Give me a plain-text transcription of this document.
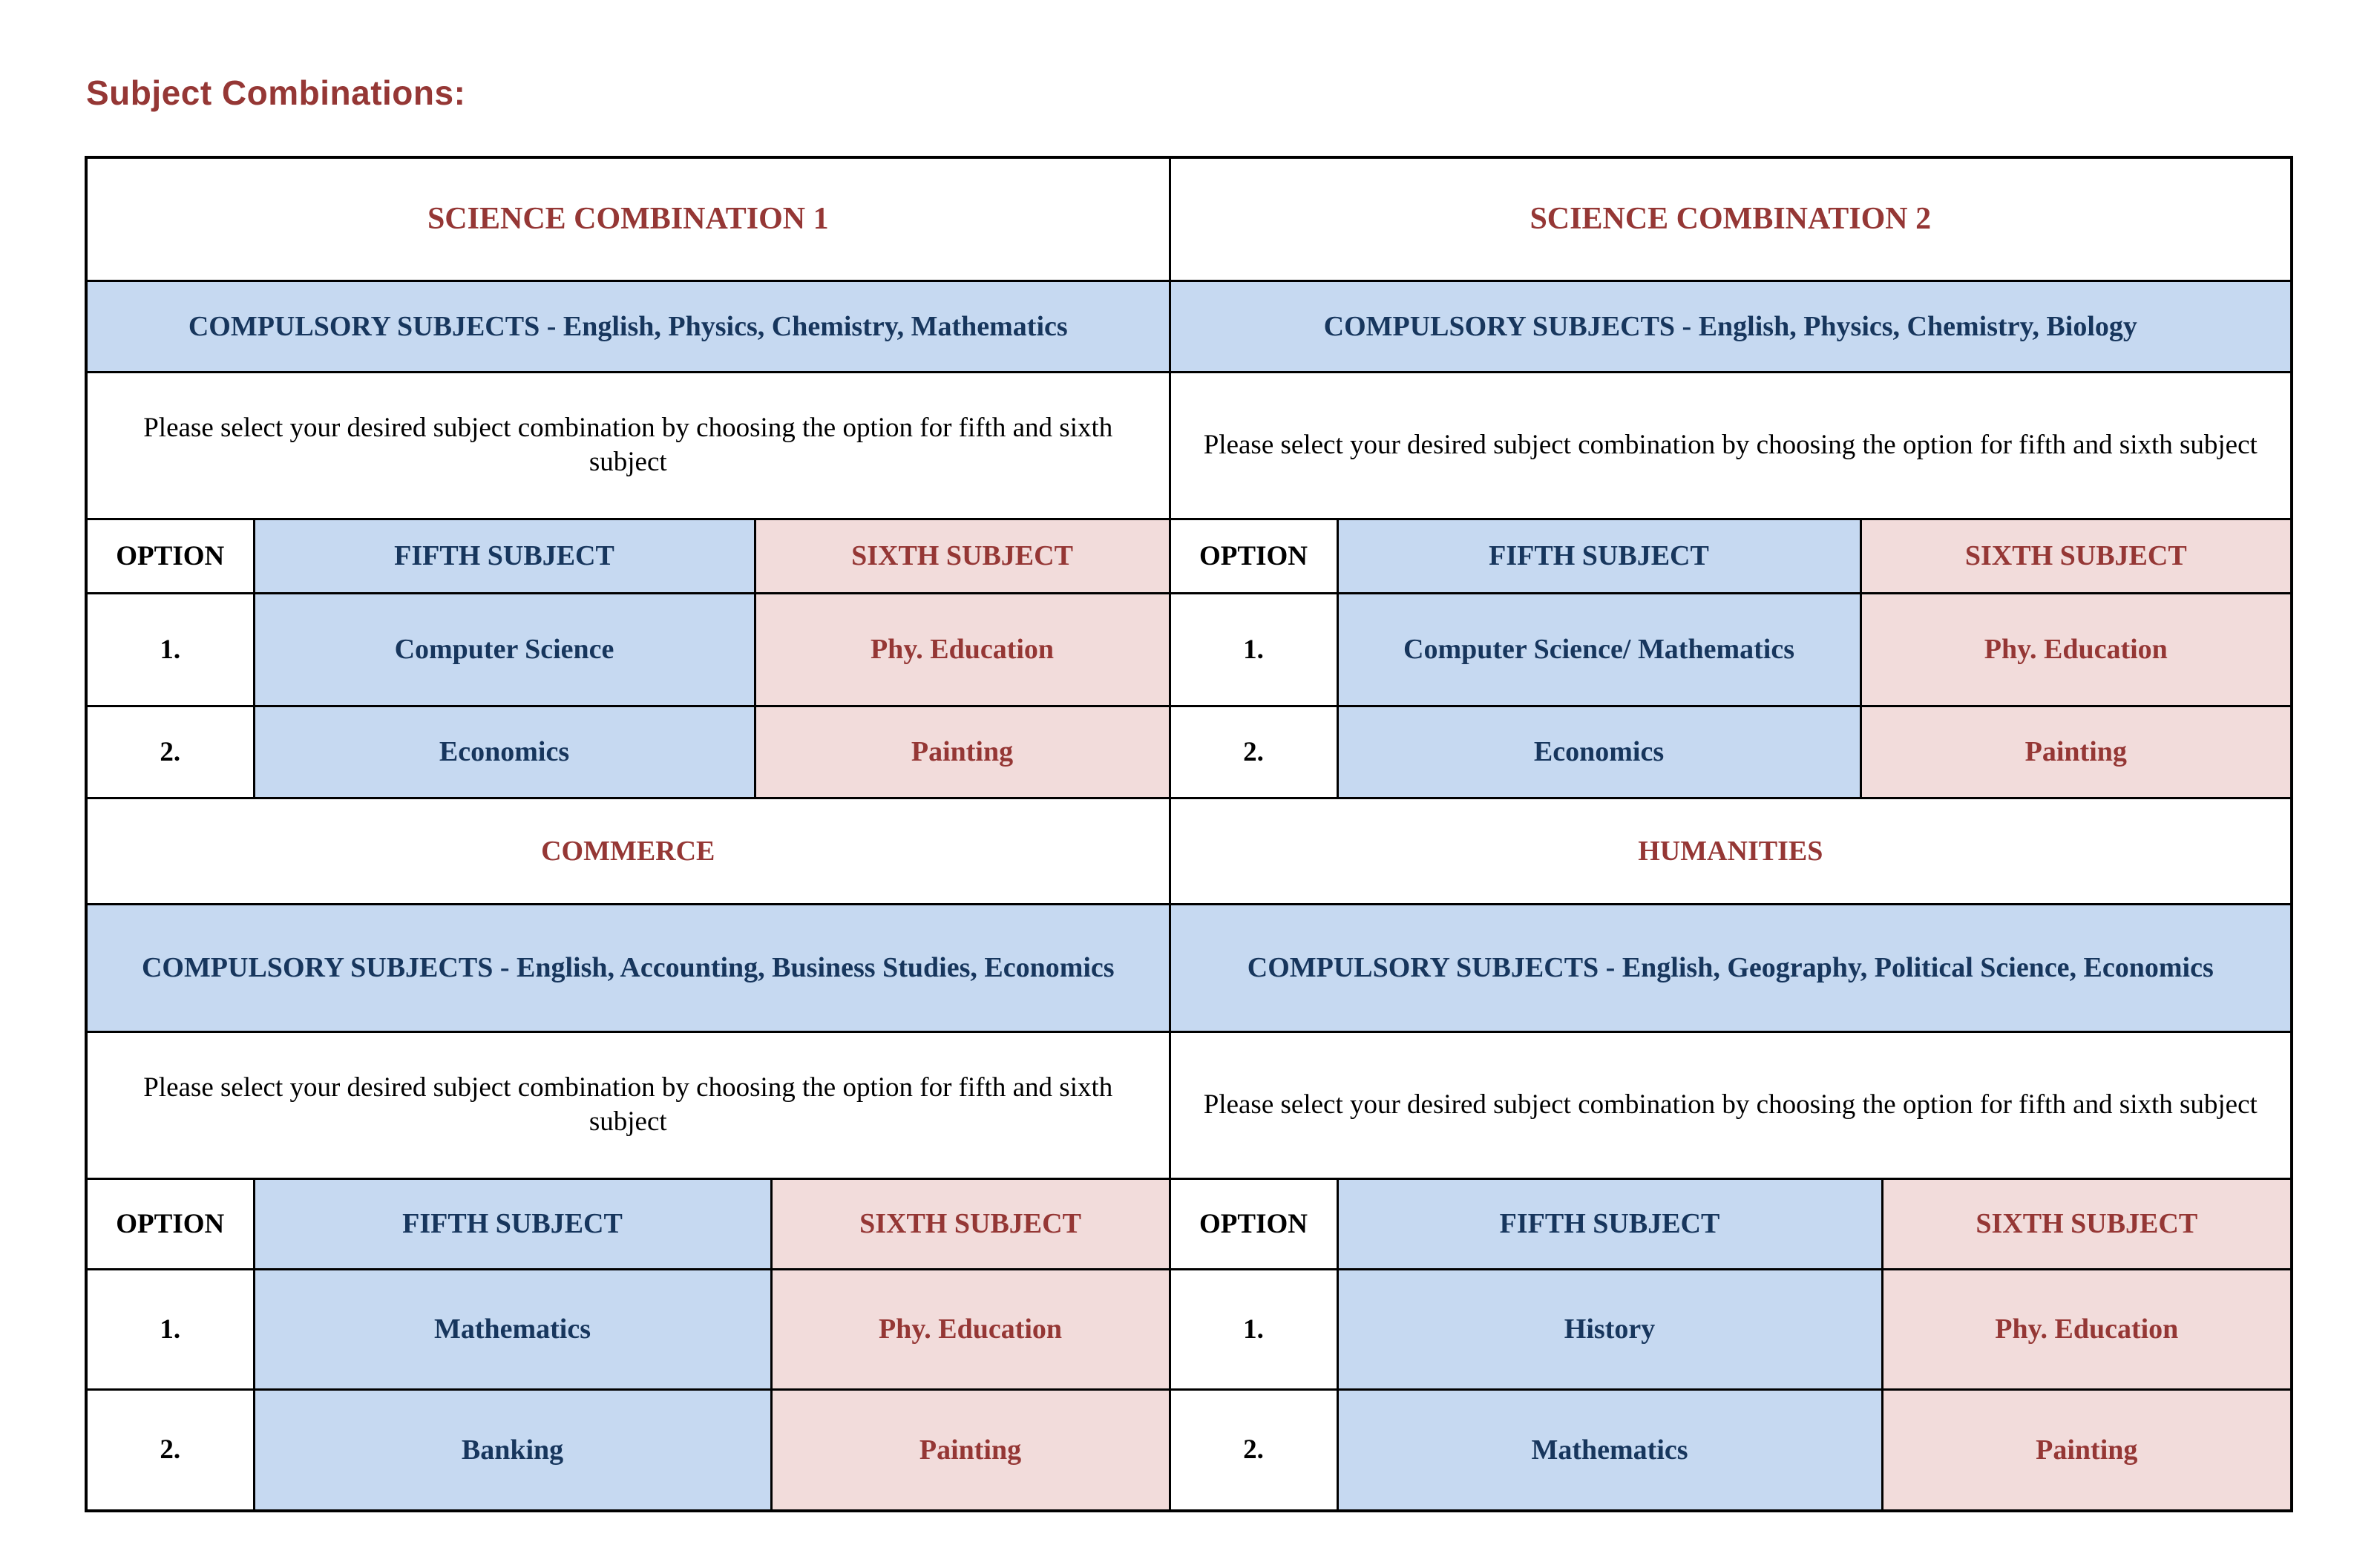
Subject Combinations:
SCIENCE COMBINATION 1				SCIENCE COMBINATION 2			
COMPULSORY SUBJECTS - English, Physics, Chemistry, Mathematics				COMPULSORY SUBJECTS - English, Physics, Chemistry, Biology			
Please select your desired subject combination by choosing the option for fifth and sixth subject				Please select your desired subject combination by choosing the option for fifth and sixth subject			
OPTION	FIFTH SUBJECT	SIXTH SUBJECT		OPTION	FIFTH SUBJECT	SIXTH SUBJECT	
1.	Computer Science	Phy. Education		1.	Computer Science/ Mathematics	Phy. Education	
2.	Economics	Painting		2.	Economics	Painting	
COMMERCE				HUMANITIES			
COMPULSORY SUBJECTS - English, Accounting, Business Studies, Economics				COMPULSORY SUBJECTS - English, Geography, Political Science, Economics			
Please select your desired subject combination by choosing the option for fifth and sixth subject				Please select your desired subject combination by choosing the option for fifth and sixth subject			
OPTION	FIFTH SUBJECT		SIXTH SUBJECT	OPTION	FIFTH SUBJECT		SIXTH SUBJECT
1.	Mathematics		Phy. Education	1.	History		Phy. Education
2.	Banking		Painting	2.	Mathematics		Painting
